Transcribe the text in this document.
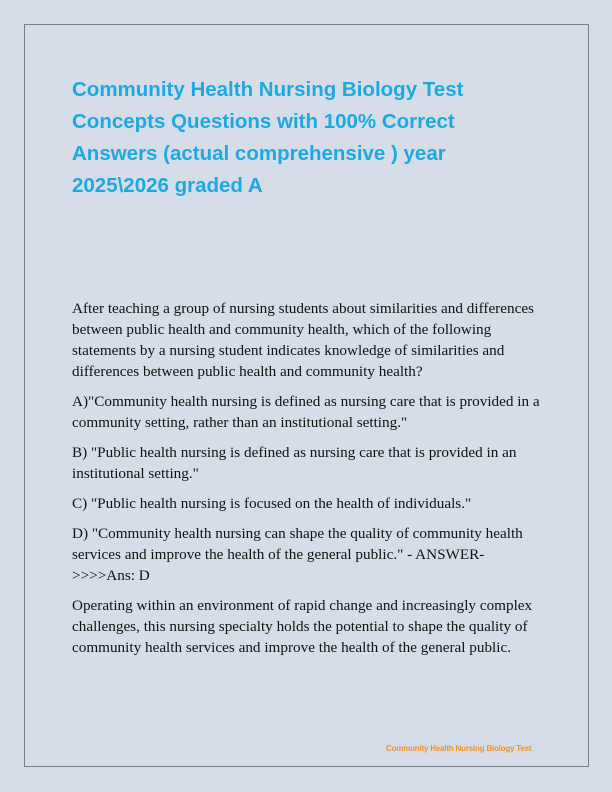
Community Health Nursing Biology Test Concepts Questions with 100% Correct Answers (actual comprehensive ) year 2025\2026 graded A

After teaching a group of nursing students about similarities and differences between public health and community health, which of the following statements by a nursing student indicates knowledge of similarities and differences between public health and community health?

A)"Community health nursing is defined as nursing care that is provided in a community setting, rather than an institutional setting."

B) "Public health nursing is defined as nursing care that is provided in an institutional setting."

C) "Public health nursing is focused on the health of individuals."

D) "Community health nursing can shape the quality of community health services and improve the health of the general public." - ANSWER->>>>Ans: D

Operating within an environment of rapid change and increasingly complex challenges, this nursing specialty holds the potential to shape the quality of community health services and improve the health of the general public.

Community Health Nursing Biology Test
